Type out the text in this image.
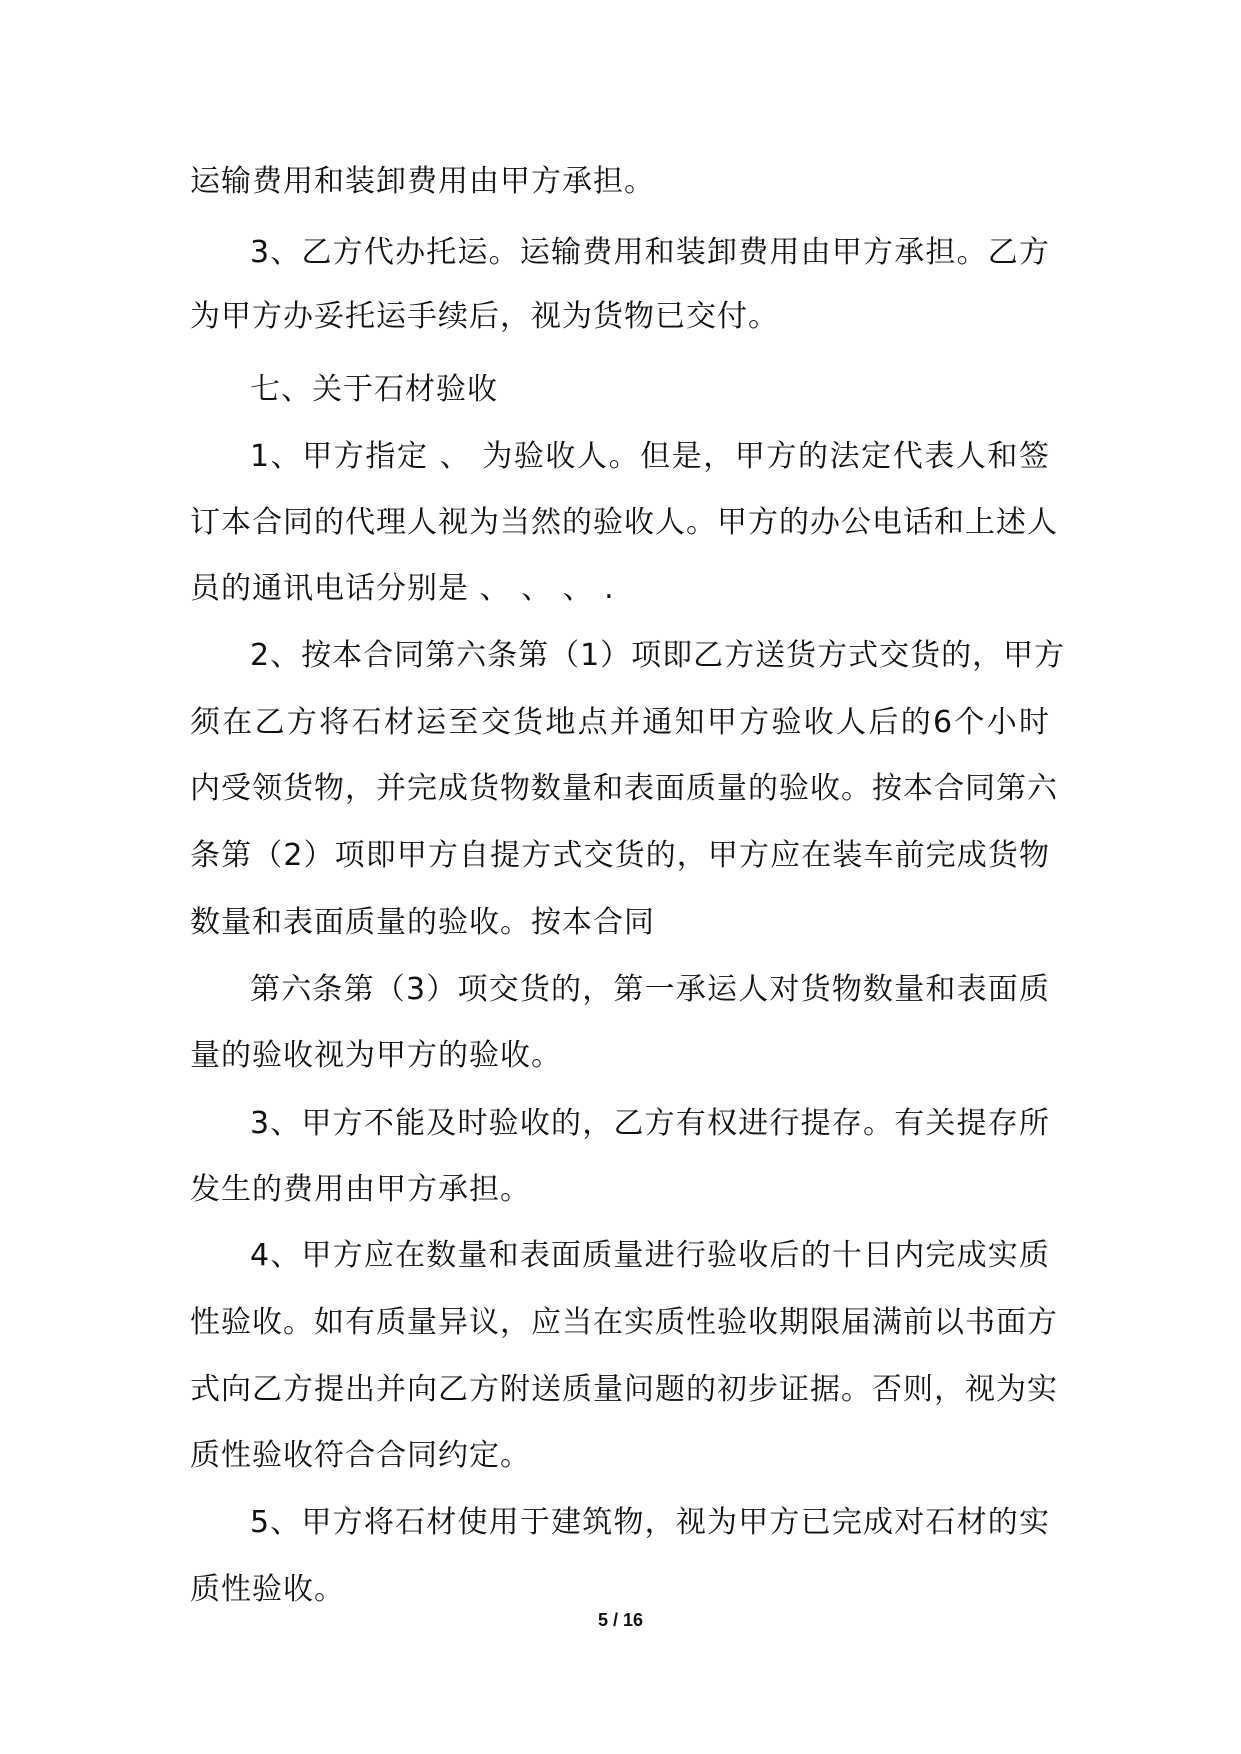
运输费用和装卸费用由甲方承担。

3、乙方代办托运。运输费用和装卸费用由甲方承担。乙方

为甲方办妥托运手续后，视为货物已交付。

七、关于石材验收

1、甲方指定 、 为验收人。但是，甲方的法定代表人和签

订本合同的代理人视为当然的验收人。甲方的办公电话和上述人

员的通讯电话分别是 、 、 、 .

2、按本合同第六条第（1）项即乙方送货方式交货的，甲方

须在乙方将石材运至交货地点并通知甲方验收人后的6个小时

内受领货物，并完成货物数量和表面质量的验收。按本合同第六

条第（2）项即甲方自提方式交货的，甲方应在装车前完成货物

数量和表面质量的验收。按本合同

第六条第（3）项交货的，第一承运人对货物数量和表面质

量的验收视为甲方的验收。

3、甲方不能及时验收的，乙方有权进行提存。有关提存所

发生的费用由甲方承担。

4、甲方应在数量和表面质量进行验收后的十日内完成实质

性验收。如有质量异议，应当在实质性验收期限届满前以书面方

式向乙方提出并向乙方附送质量问题的初步证据。否则，视为实

质性验收符合合同约定。

5、甲方将石材使用于建筑物，视为甲方已完成对石材的实

质性验收。

5 / 16
